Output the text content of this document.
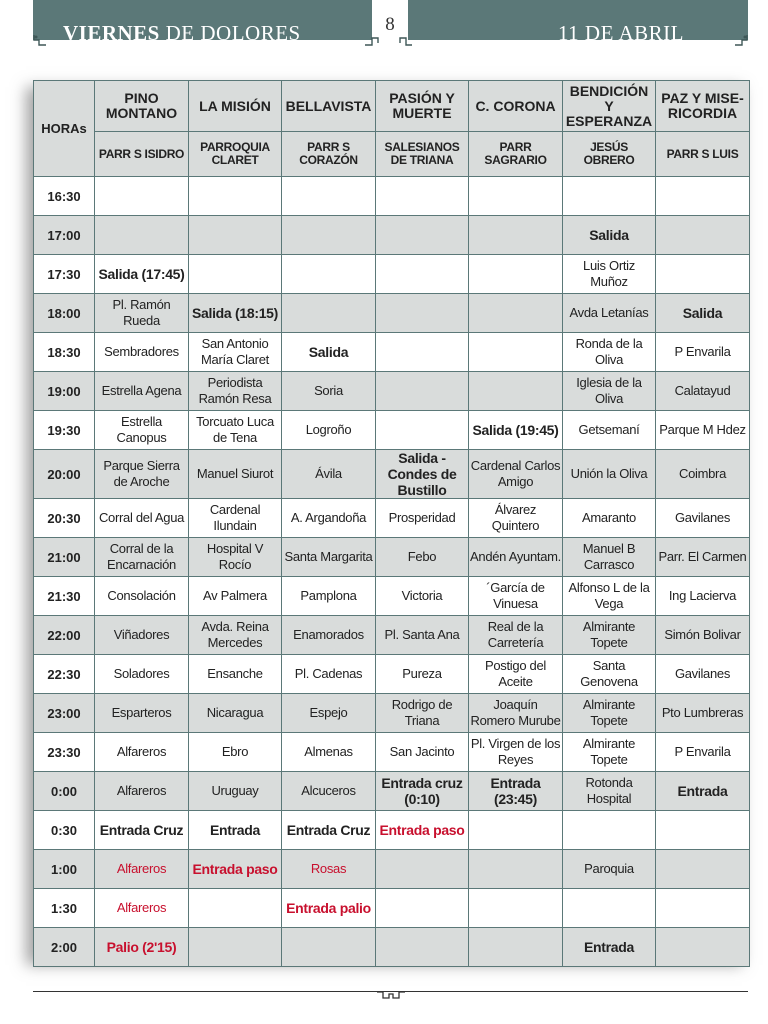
VIERNES DE DOLORES	8	11 DE ABRIL
HORAs	PINO MONTANO	LA MISIÓN	BELLAVISTA	PASIÓN Y MUERTE	C. CORONA	BENDICIÓN Y ESPERANZA	PAZ Y MISE-RICORDIA
	PARR S ISIDRO	PARROQUIA CLARET	PARR S CORAZÓN	SALESIANOS DE TRIANA	PARR SAGRARIO	JESÚS OBRERO	PARR S LUIS
16:30							
17:00						Salida	
17:30	Salida (17:45)					Luis Ortiz Muñoz	
18:00	Pl. Ramón Rueda	Salida (18:15)				Avda Letanías	Salida
18:30	Sembradores	San Antonio María Claret	Salida			Ronda de la Oliva	P Envarila
19:00	Estrella Agena	Periodista Ramón Resa	Soria			Iglesia de la Oliva	Calatayud
19:30	Estrella Canopus	Torcuato Luca de Tena	Logroño		Salida (19:45)	Getsemaní	Parque M Hdez
20:00	Parque Sierra de Aroche	Manuel Siurot	Ávila	Salida - Condes de Bustillo	Cardenal Carlos Amigo	Unión la Oliva	Coimbra
20:30	Corral del Agua	Cardenal Ilundain	A. Argandoña	Prosperidad	Álvarez Quintero	Amaranto	Gavilanes
21:00	Corral de la Encarnación	Hospital V Rocío	Santa Margarita	Febo	Andén Ayuntam.	Manuel B Carrasco	Parr. El Carmen
21:30	Consolación	Av Palmera	Pamplona	Victoria	´García de Vinuesa	Alfonso L de la Vega	Ing Lacierva
22:00	Viñadores	Avda. Reina Mercedes	Enamorados	Pl. Santa Ana	Real de la Carretería	Almirante Topete	Simón Bolivar
22:30	Soladores	Ensanche	Pl. Cadenas	Pureza	Postigo del Aceite	Santa Genovena	Gavilanes
23:00	Esparteros	Nicaragua	Espejo	Rodrigo de Triana	Joaquín Romero Murube	Almirante Topete	Pto Lumbreras
23:30	Alfareros	Ebro	Almenas	San Jacinto	Pl. Virgen de los Reyes	Almirante Topete	P Envarila
0:00	Alfareros	Uruguay	Alcuceros	Entrada cruz (0:10)	Entrada (23:45)	Rotonda Hospital	Entrada
0:30	Entrada Cruz	Entrada	Entrada Cruz	Entrada paso			
1:00	Alfareros	Entrada paso	Rosas			Paroquia	
1:30	Alfareros		Entrada palio				
2:00	Palio (2'15)					Entrada	
